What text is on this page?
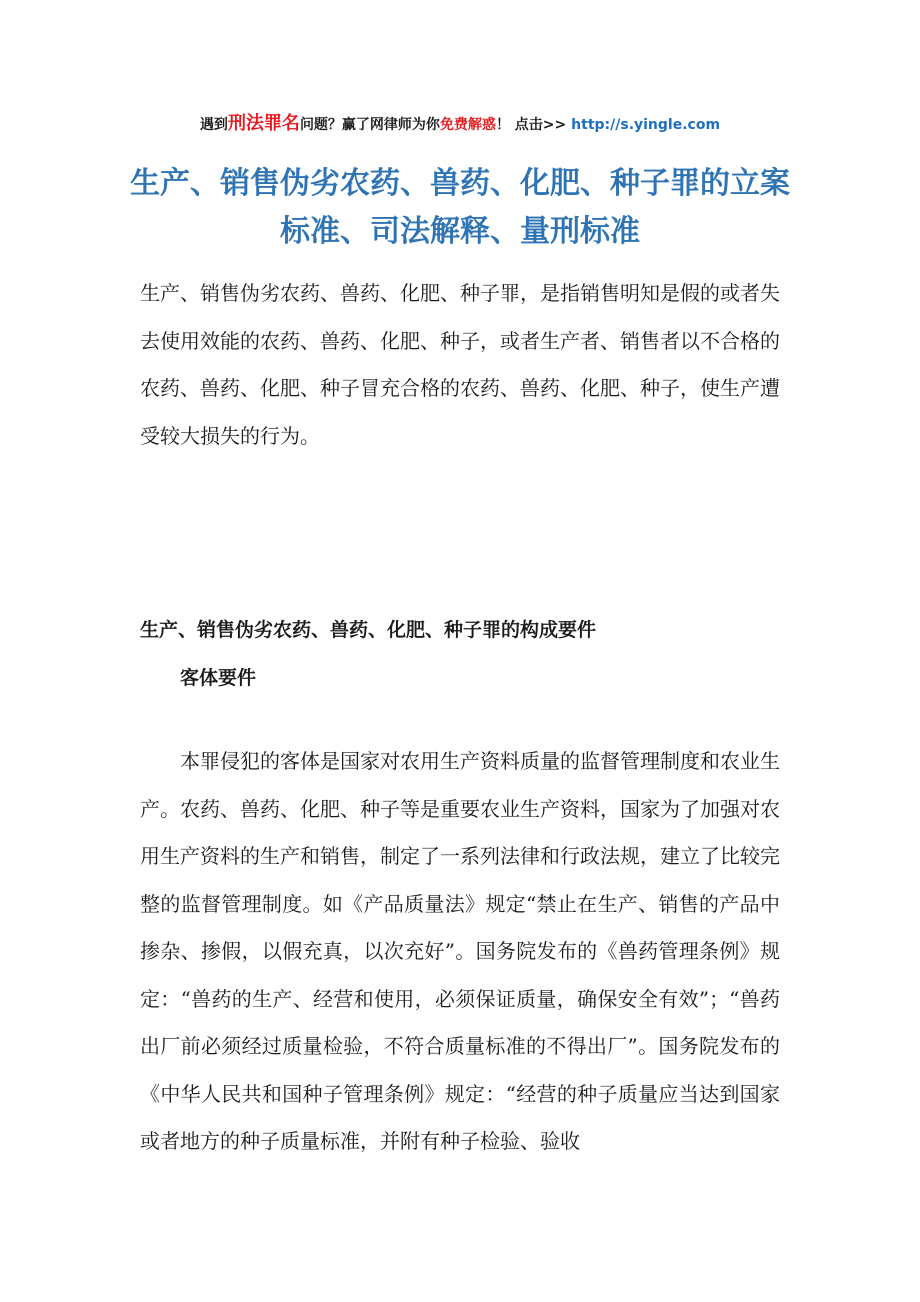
遇到刑法罪名问题？赢了网律师为你免费解惑！ 点击>> http://s.yingle.com
生产、销售伪劣农药、兽药、化肥、种子罪的立案标准、司法解释、量刑标准

生产、销售伪劣农药、兽药、化肥、种子罪，是指销售明知是假的或者失去使用效能的农药、兽药、化肥、种子，或者生产者、销售者以不合格的农药、兽药、化肥、种子冒充合格的农药、兽药、化肥、种子，使生产遭受较大损失的行为。

生产、销售伪劣农药、兽药、化肥、种子罪的构成要件
客体要件

本罪侵犯的客体是国家对农用生产资料质量的监督管理制度和农业生产。农药、兽药、化肥、种子等是重要农业生产资料，国家为了加强对农用生产资料的生产和销售，制定了一系列法律和行政法规，建立了比较完整的监督管理制度。如《产品质量法》规定“禁止在生产、销售的产品中掺杂、掺假，以假充真，以次充好”。国务院发布的《兽药管理条例》规定：“兽药的生产、经营和使用，必须保证质量，确保安全有效”；“兽药出厂前必须经过质量检验，不符合质量标准的不得出厂”。国务院发布的《中华人民共和国种子管理条例》规定：“经营的种子质量应当达到国家或者地方的种子质量标准，并附有种子检验、验收
